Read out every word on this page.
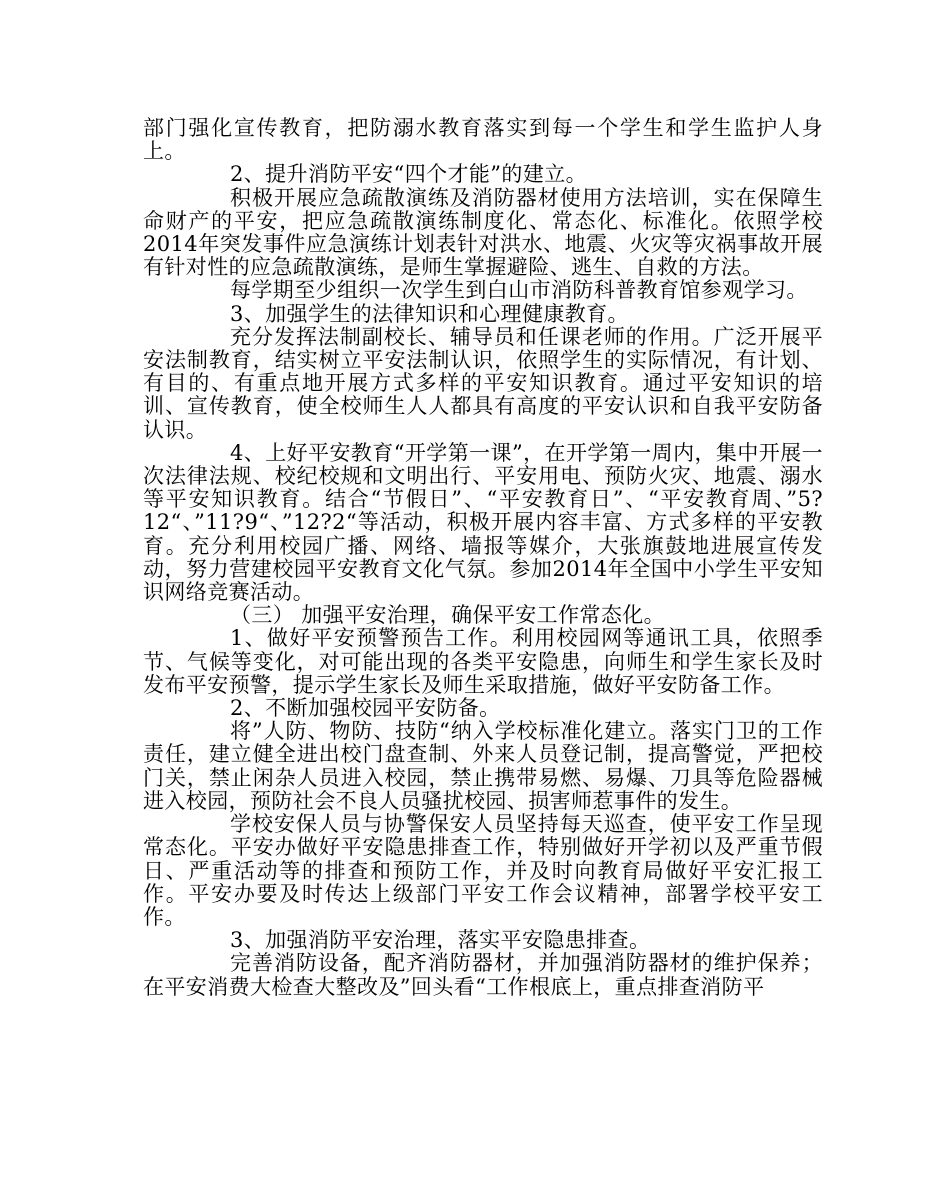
部门强化宣传教育，把防溺水教育落实到每一个学生和学生监护人身上。

2、提升消防平安“四个才能”的建立。

积极开展应急疏散演练及消防器材使用方法培训，实在保障生命财产的平安，把应急疏散演练制度化、常态化、标准化。依照学校2014年突发事件应急演练计划表针对洪水、地震、火灾等灾祸事故开展有针对性的应急疏散演练，是师生掌握避险、逃生、自救的方法。

每学期至少组织一次学生到白山市消防科普教育馆参观学习。

3、加强学生的法律知识和心理健康教育。

充分发挥法制副校长、辅导员和任课老师的作用。广泛开展平安法制教育，结实树立平安法制认识，依照学生的实际情况，有计划、有目的、有重点地开展方式多样的平安知识教育。通过平安知识的培训、宣传教育，使全校师生人人都具有高度的平安认识和自我平安防备认识。

4、上好平安教育“开学第一课”，在开学第一周内，集中开展一次法律法规、校纪校规和文明出行、平安用电、预防火灾、地震、溺水等平安知识教育。结合“节假日”、“平安教育日”、“平安教育周、”5?12“、”11?9“、”12?2“等活动，积极开展内容丰富、方式多样的平安教育。充分利用校园广播、网络、墙报等媒介，大张旗鼓地进展宣传发动，努力营建校园平安教育文化气氛。参加2014年全国中小学生平安知识网络竞赛活动。

（三） 加强平安治理，确保平安工作常态化。

1、做好平安预警预告工作。利用校园网等通讯工具，依照季节、气候等变化，对可能出现的各类平安隐患，向师生和学生家长及时发布平安预警，提示学生家长及师生采取措施，做好平安防备工作。

2、不断加强校园平安防备。

将”人防、物防、技防“纳入学校标准化建立。落实门卫的工作责任，建立健全进出校门盘查制、外来人员登记制，提高警觉，严把校门关，禁止闲杂人员进入校园，禁止携带易燃、易爆、刀具等危险器械进入校园，预防社会不良人员骚扰校园、损害师惹事件的发生。

学校安保人员与协警保安人员坚持每天巡查，使平安工作呈现常态化。平安办做好平安隐患排查工作，特别做好开学初以及严重节假日、严重活动等的排查和预防工作，并及时向教育局做好平安汇报工作。平安办要及时传达上级部门平安工作会议精神，部署学校平安工作。

3、加强消防平安治理，落实平安隐患排查。

完善消防设备，配齐消防器材，并加强消防器材的维护保养；在平安消费大检查大整改及”回头看“工作根底上，重点排查消防平
